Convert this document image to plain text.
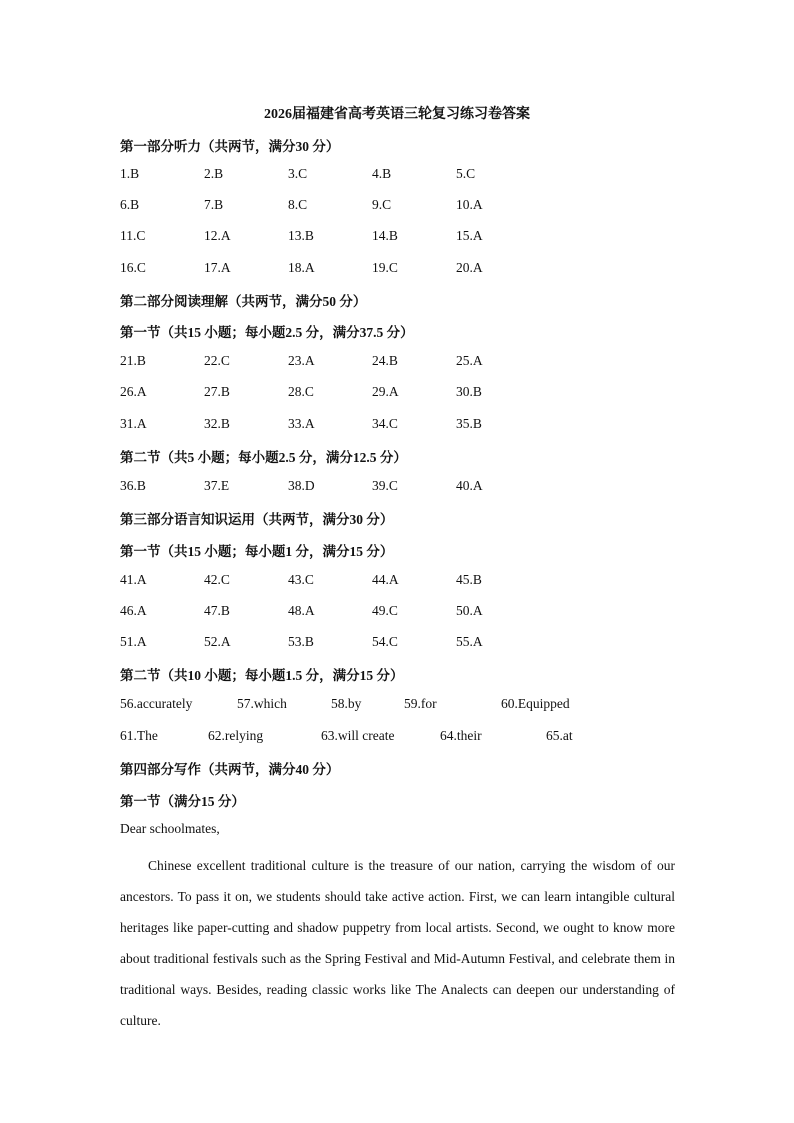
2026届福建省高考英语三轮复习练习卷答案
第一部分听力（共两节，满分30 分）
1.B	2.B	3.C	4.B	5.C
6.B	7.B	8.C	9.C	10.A
11.C	12.A	13.B	14.B	15.A
16.C	17.A	18.A	19.C	20.A
第二部分阅读理解（共两节，满分50 分）
第一节（共15 小题；每小题2.5 分，满分37.5 分）
21.B	22.C	23.A	24.B	25.A
26.A	27.B	28.C	29.A	30.B
31.A	32.B	33.A	34.C	35.B
第二节（共5 小题；每小题2.5 分，满分12.5 分）
36.B	37.E	38.D	39.C	40.A
第三部分语言知识运用（共两节，满分30 分）
第一节（共15 小题；每小题1 分，满分15 分）
41.A	42.C	43.C	44.A	45.B
46.A	47.B	48.A	49.C	50.A
51.A	52.A	53.B	54.C	55.A
第二节（共10 小题；每小题1.5 分，满分15 分）
56.accurately	57.which	58.by	59.for	60.Equipped
61.The	62.relying	63.will create	64.their	65.at
第四部分写作（共两节，满分40 分）
第一节（满分15 分）
Dear schoolmates,
Chinese excellent traditional culture is the treasure of our nation, carrying the wisdom of our ancestors. To pass it on, we students should take active action. First, we can learn intangible cultural heritages like paper-cutting and shadow puppetry from local artists. Second, we ought to know more about traditional festivals such as the Spring Festival and Mid-Autumn Festival, and celebrate them in traditional ways. Besides, reading classic works like The Analects can deepen our understanding of culture.
